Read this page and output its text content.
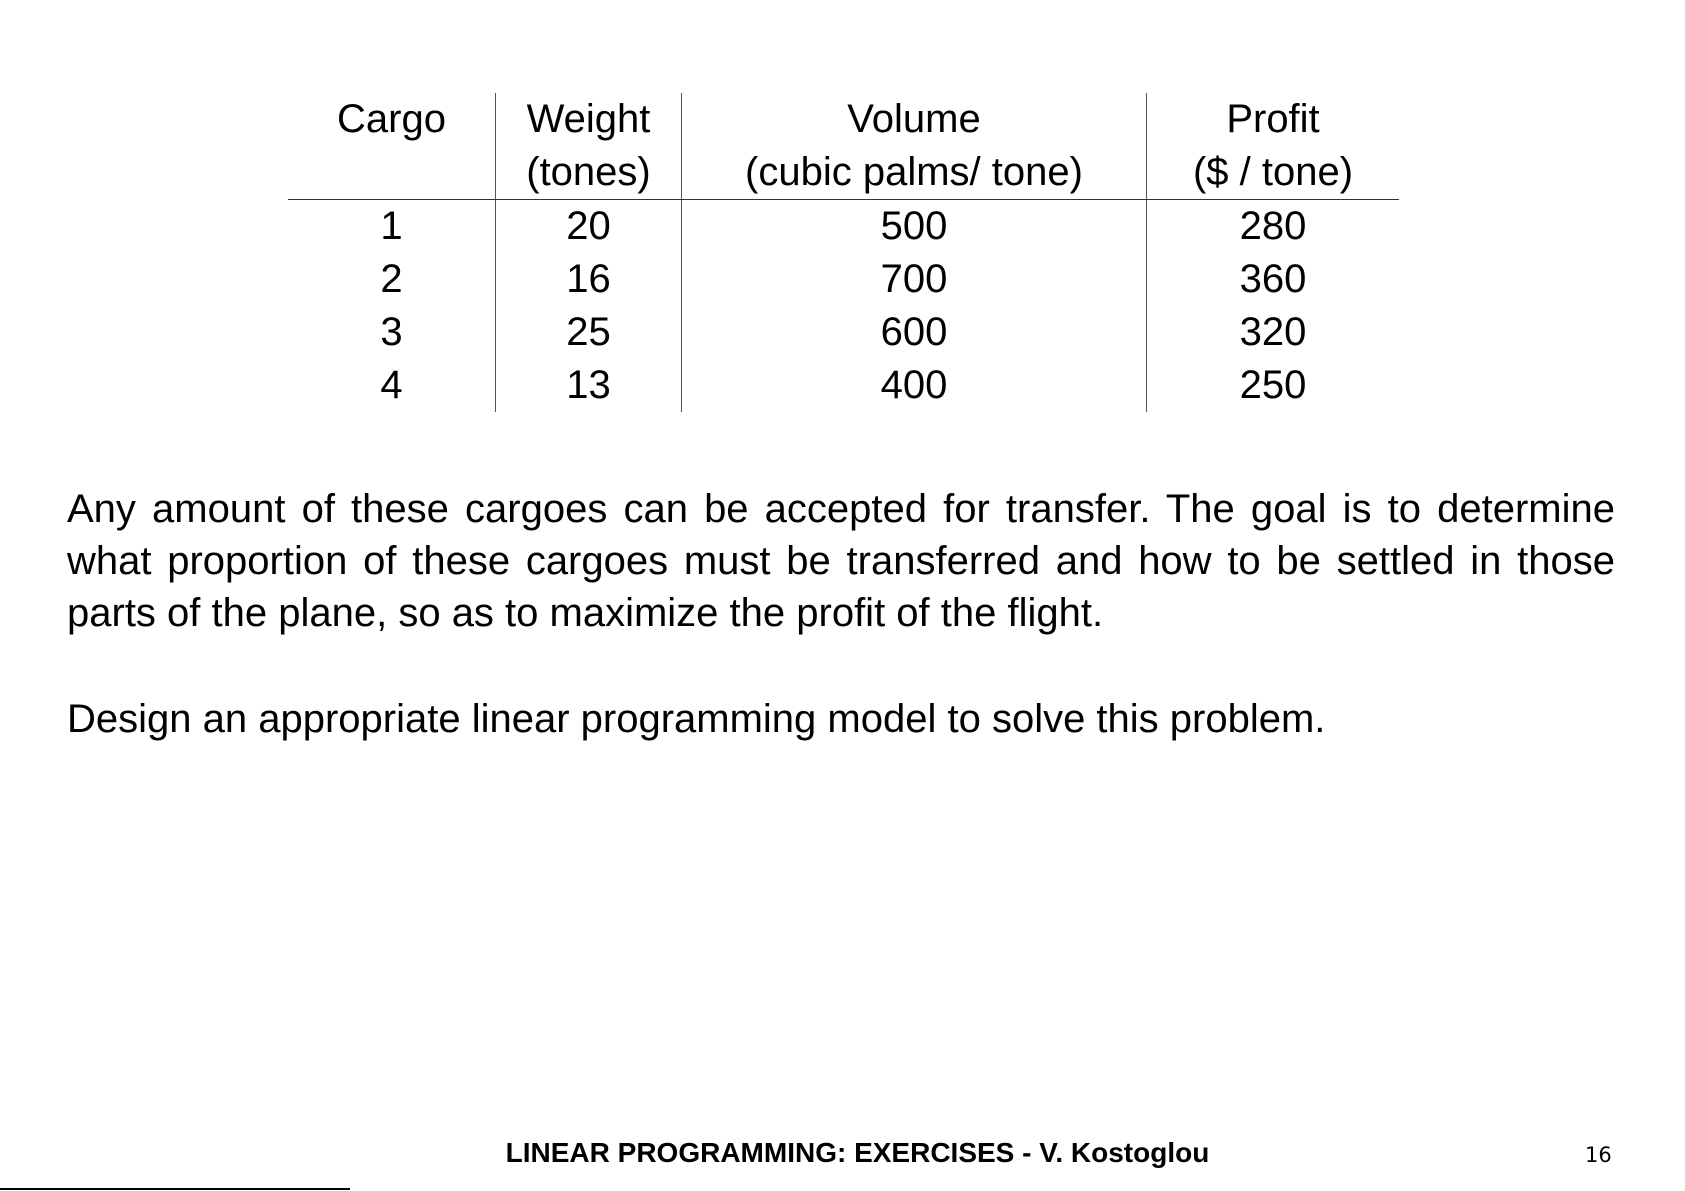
Cargo	Weight	Volume	Profit
	(tones)	(cubic palms/ tone)	($ / tone)
1	20	500	280
2	16	700	360
3	25	600	320
4	13	400	250

Any amount of these cargoes can be accepted for transfer. The goal is to determine what proportion of these cargoes must be transferred and how to be settled in those parts of the plane, so as to maximize the profit of the flight.

Design an appropriate linear programming model to solve this problem.

LINEAR PROGRAMMING: EXERCISES - V. Kostoglou	16
